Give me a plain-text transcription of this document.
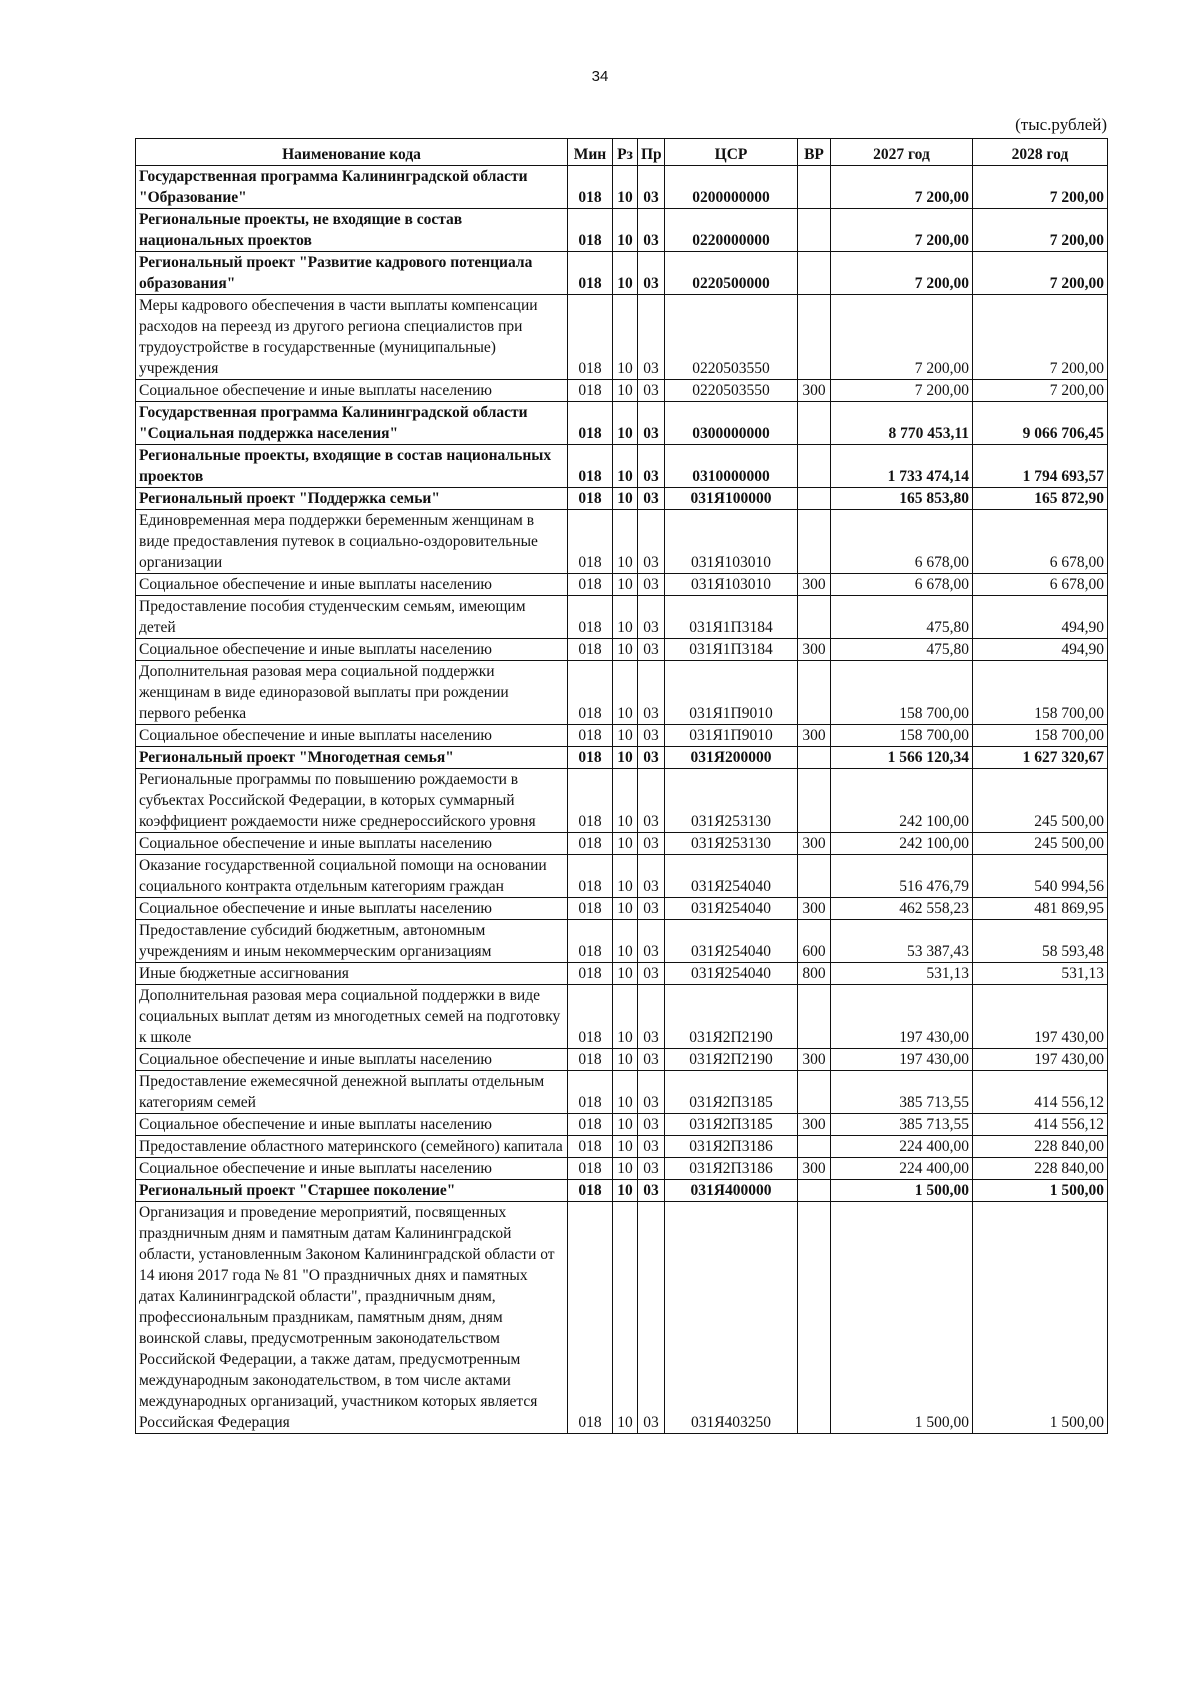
34
(тыс.рублей)
Наименование кода	Мин	Рз	Пр	ЦСР	ВР	2027 год	2028 год
Государственная программа Калининградской области "Образование"	018	10	03	0200000000		7 200,00	7 200,00
Региональные проекты, не входящие в состав национальных проектов	018	10	03	0220000000		7 200,00	7 200,00
Региональный проект "Развитие кадрового потенциала образования"	018	10	03	0220500000		7 200,00	7 200,00
Меры кадрового обеспечения в части выплаты компенсации расходов на переезд из другого региона специалистов при трудоустройстве в государственные (муниципальные) учреждения	018	10	03	0220503550		7 200,00	7 200,00
Социальное обеспечение и иные выплаты населению	018	10	03	0220503550	300	7 200,00	7 200,00
Государственная программа Калининградской области "Социальная поддержка населения"	018	10	03	0300000000		8 770 453,11	9 066 706,45
Региональные проекты, входящие в состав национальных проектов	018	10	03	0310000000		1 733 474,14	1 794 693,57
Региональный проект "Поддержка семьи"	018	10	03	031Я100000		165 853,80	165 872,90
Единовременная мера поддержки беременным женщинам в виде предоставления путевок в социально-оздоровительные организации	018	10	03	031Я103010		6 678,00	6 678,00
Социальное обеспечение и иные выплаты населению	018	10	03	031Я103010	300	6 678,00	6 678,00
Предоставление пособия студенческим семьям, имеющим детей	018	10	03	031Я1П3184		475,80	494,90
Социальное обеспечение и иные выплаты населению	018	10	03	031Я1П3184	300	475,80	494,90
Дополнительная разовая мера социальной поддержки женщинам в виде единоразовой выплаты при рождении первого ребенка	018	10	03	031Я1П9010		158 700,00	158 700,00
Социальное обеспечение и иные выплаты населению	018	10	03	031Я1П9010	300	158 700,00	158 700,00
Региональный проект "Многодетная семья"	018	10	03	031Я200000		1 566 120,34	1 627 320,67
Региональные программы по повышению рождаемости в субъектах Российской Федерации, в которых суммарный коэффициент рождаемости ниже среднероссийского уровня	018	10	03	031Я253130		242 100,00	245 500,00
Социальное обеспечение и иные выплаты населению	018	10	03	031Я253130	300	242 100,00	245 500,00
Оказание государственной социальной помощи на основании социального контракта отдельным категориям граждан	018	10	03	031Я254040		516 476,79	540 994,56
Социальное обеспечение и иные выплаты населению	018	10	03	031Я254040	300	462 558,23	481 869,95
Предоставление субсидий бюджетным, автономным учреждениям и иным некоммерческим организациям	018	10	03	031Я254040	600	53 387,43	58 593,48
Иные бюджетные ассигнования	018	10	03	031Я254040	800	531,13	531,13
Дополнительная разовая мера социальной поддержки в виде социальных выплат детям из многодетных семей на подготовку к школе	018	10	03	031Я2П2190		197 430,00	197 430,00
Социальное обеспечение и иные выплаты населению	018	10	03	031Я2П2190	300	197 430,00	197 430,00
Предоставление ежемесячной денежной выплаты отдельным категориям семей	018	10	03	031Я2П3185		385 713,55	414 556,12
Социальное обеспечение и иные выплаты населению	018	10	03	031Я2П3185	300	385 713,55	414 556,12
Предоставление областного материнского (семейного) капитала	018	10	03	031Я2П3186		224 400,00	228 840,00
Социальное обеспечение и иные выплаты населению	018	10	03	031Я2П3186	300	224 400,00	228 840,00
Региональный проект "Старшее поколение"	018	10	03	031Я400000		1 500,00	1 500,00
Организация и проведение мероприятий, посвященных праздничным дням и памятным датам Калининградской области, установленным Законом Калининградской области от 14 июня 2017 года № 81 "О праздничных днях и памятных датах Калининградской области", праздничным дням, профессиональным праздникам, памятным дням, дням воинской славы, предусмотренным законодательством Российской Федерации, а также датам, предусмотренным международным законодательством, в том числе актами международных организаций, участником которых является Российская Федерация	018	10	03	031Я403250		1 500,00	1 500,00
